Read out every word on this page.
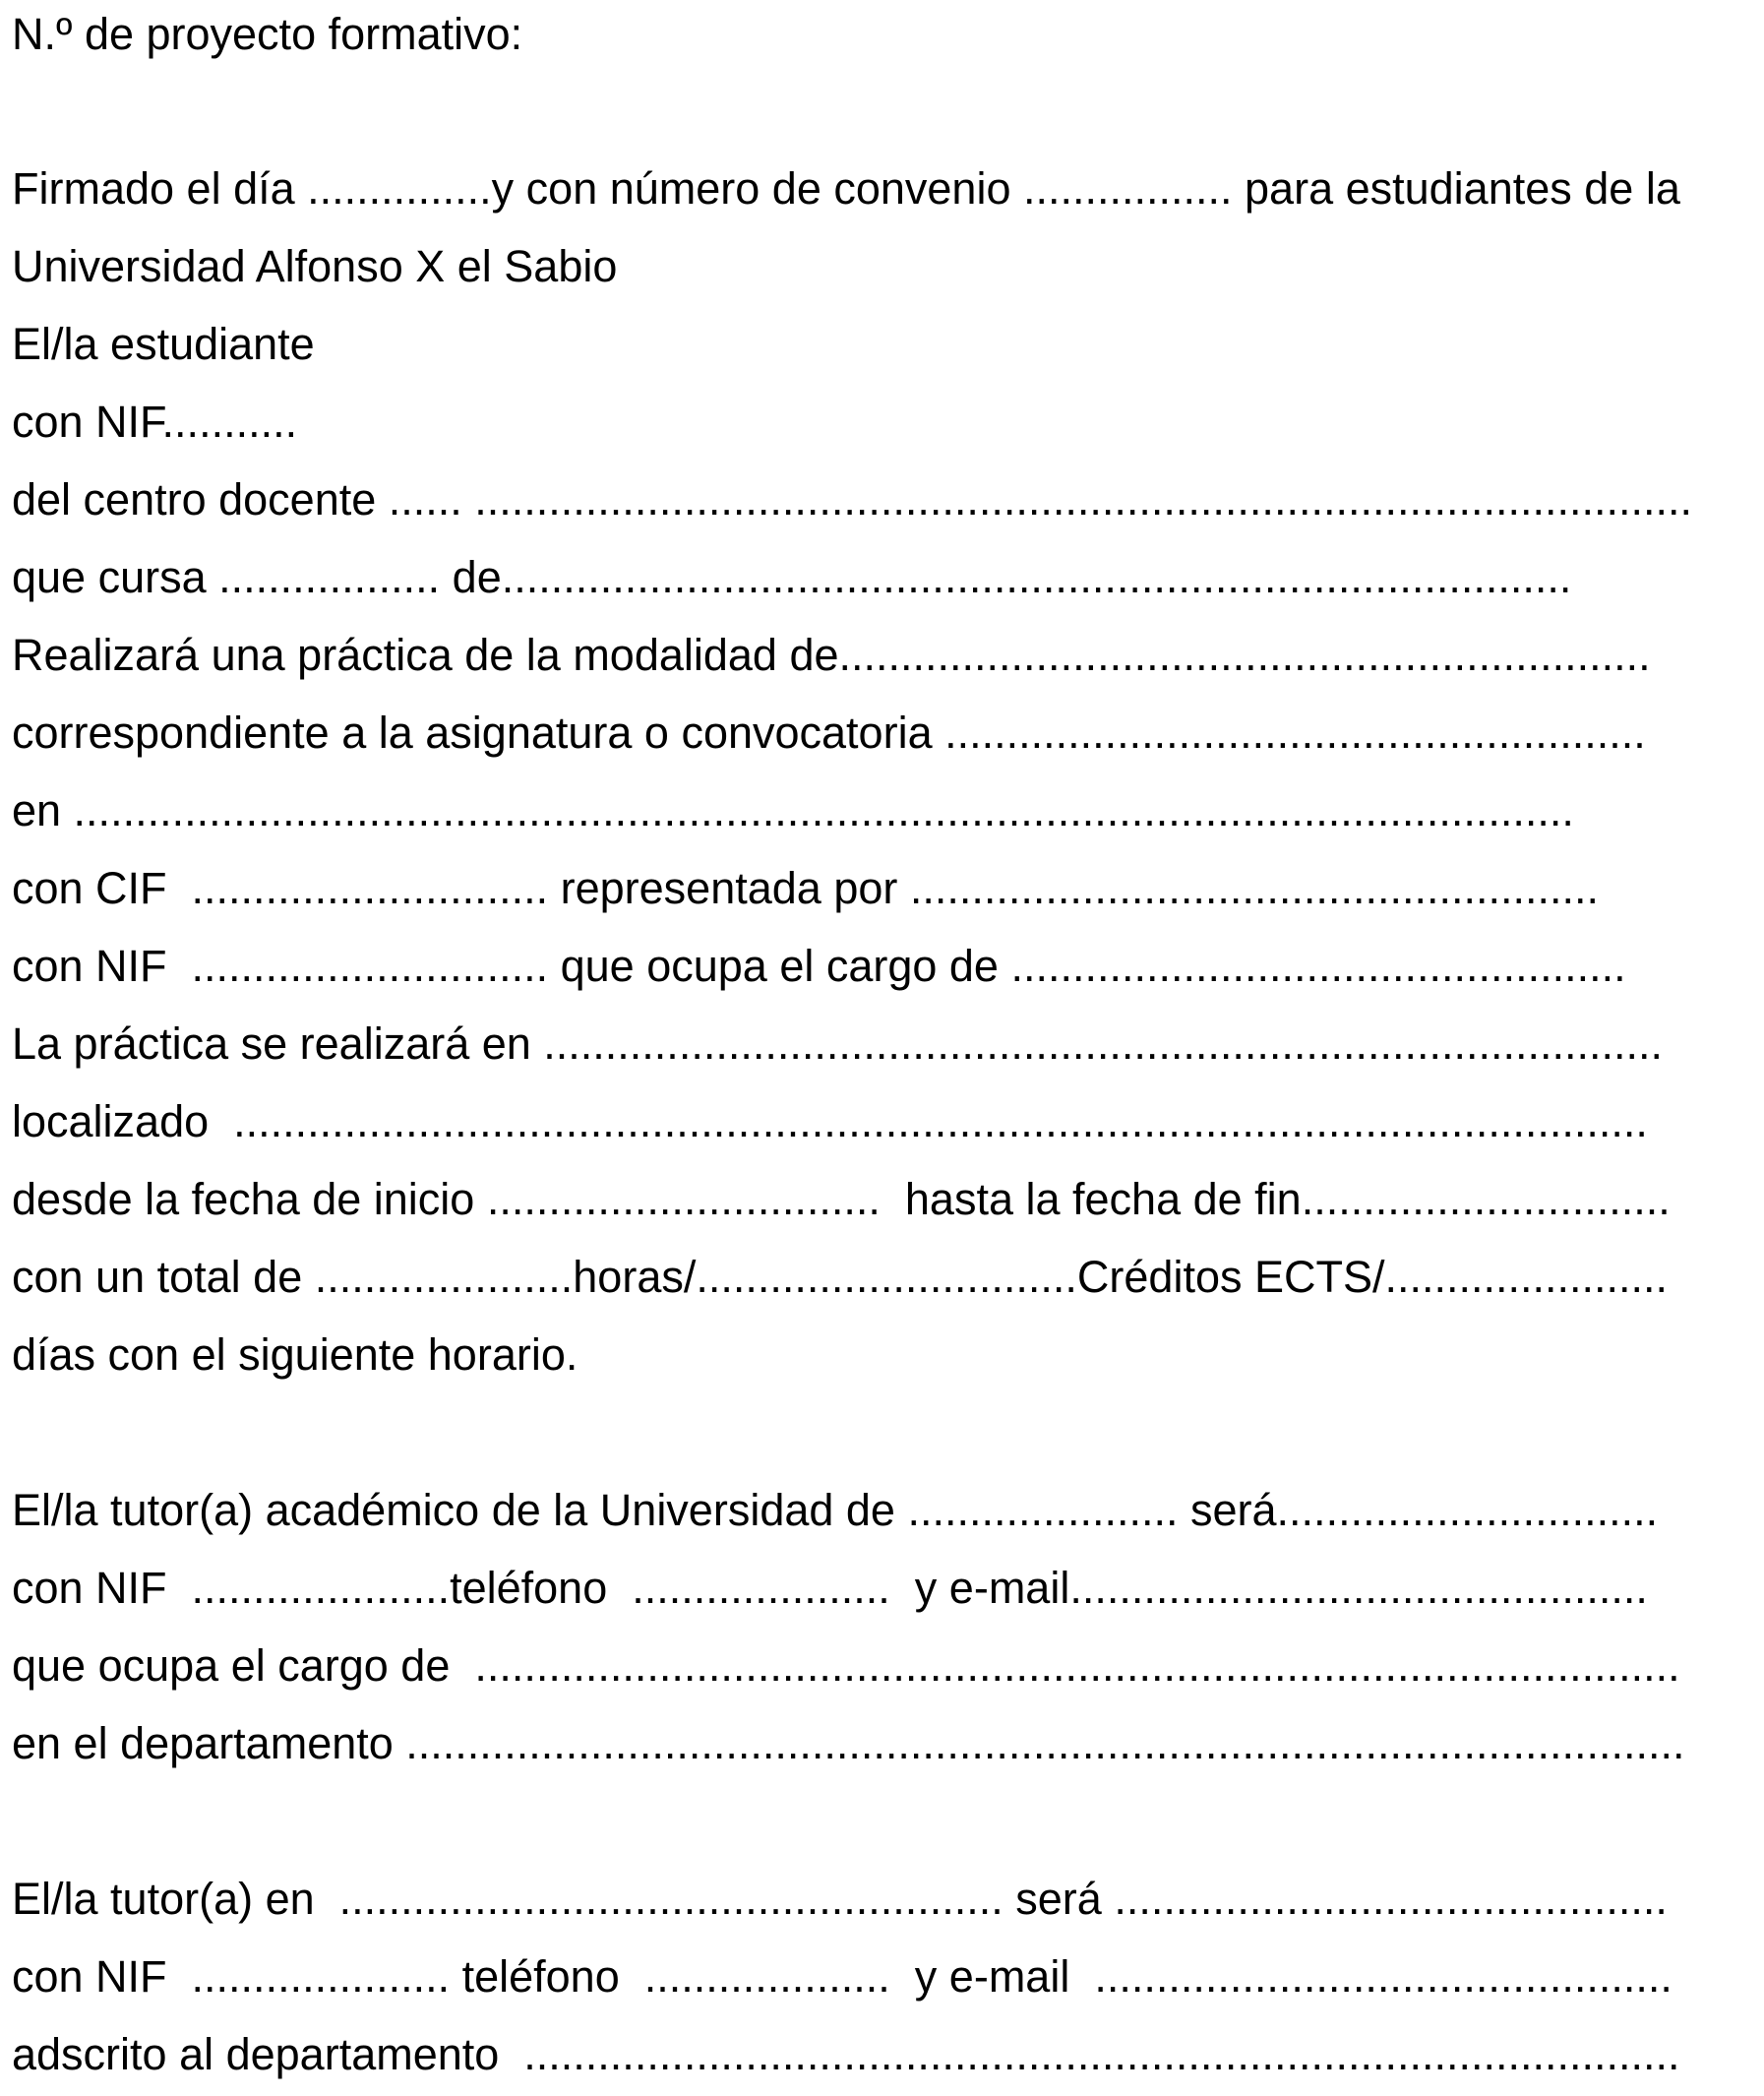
N.º de proyecto formativo:
Firmado el día ...............y con número de convenio ................. para estudiantes de la
Universidad Alfonso X el Sabio
El/la estudiante
con NIF...........
del centro docente ...... ...................................................................................................
que cursa .................. de.......................................................................................
Realizará una práctica de la modalidad de..................................................................
correspondiente a la asignatura o convocatoria .........................................................
en ..........................................................................................................................
con CIF  ............................. representada por ........................................................
con NIF  ............................. que ocupa el cargo de ..................................................
La práctica se realizará en ...........................................................................................
localizado  ...................................................................................................................
desde la fecha de inicio ................................  hasta la fecha de fin..............................
con un total de .....................horas/...............................Créditos ECTS/.......................
días con el siguiente horario.
El/la tutor(a) académico de la Universidad de ...................... será...............................
con NIF  .....................teléfono  .....................  y e-mail...............................................
que ocupa el cargo de  ..................................................................................................
en el departamento ........................................................................................................
El/la tutor(a) en  ...................................................... será .............................................
con NIF  ..................... teléfono  ....................  y e-mail  ...............................................
adscrito al departamento  ..............................................................................................
